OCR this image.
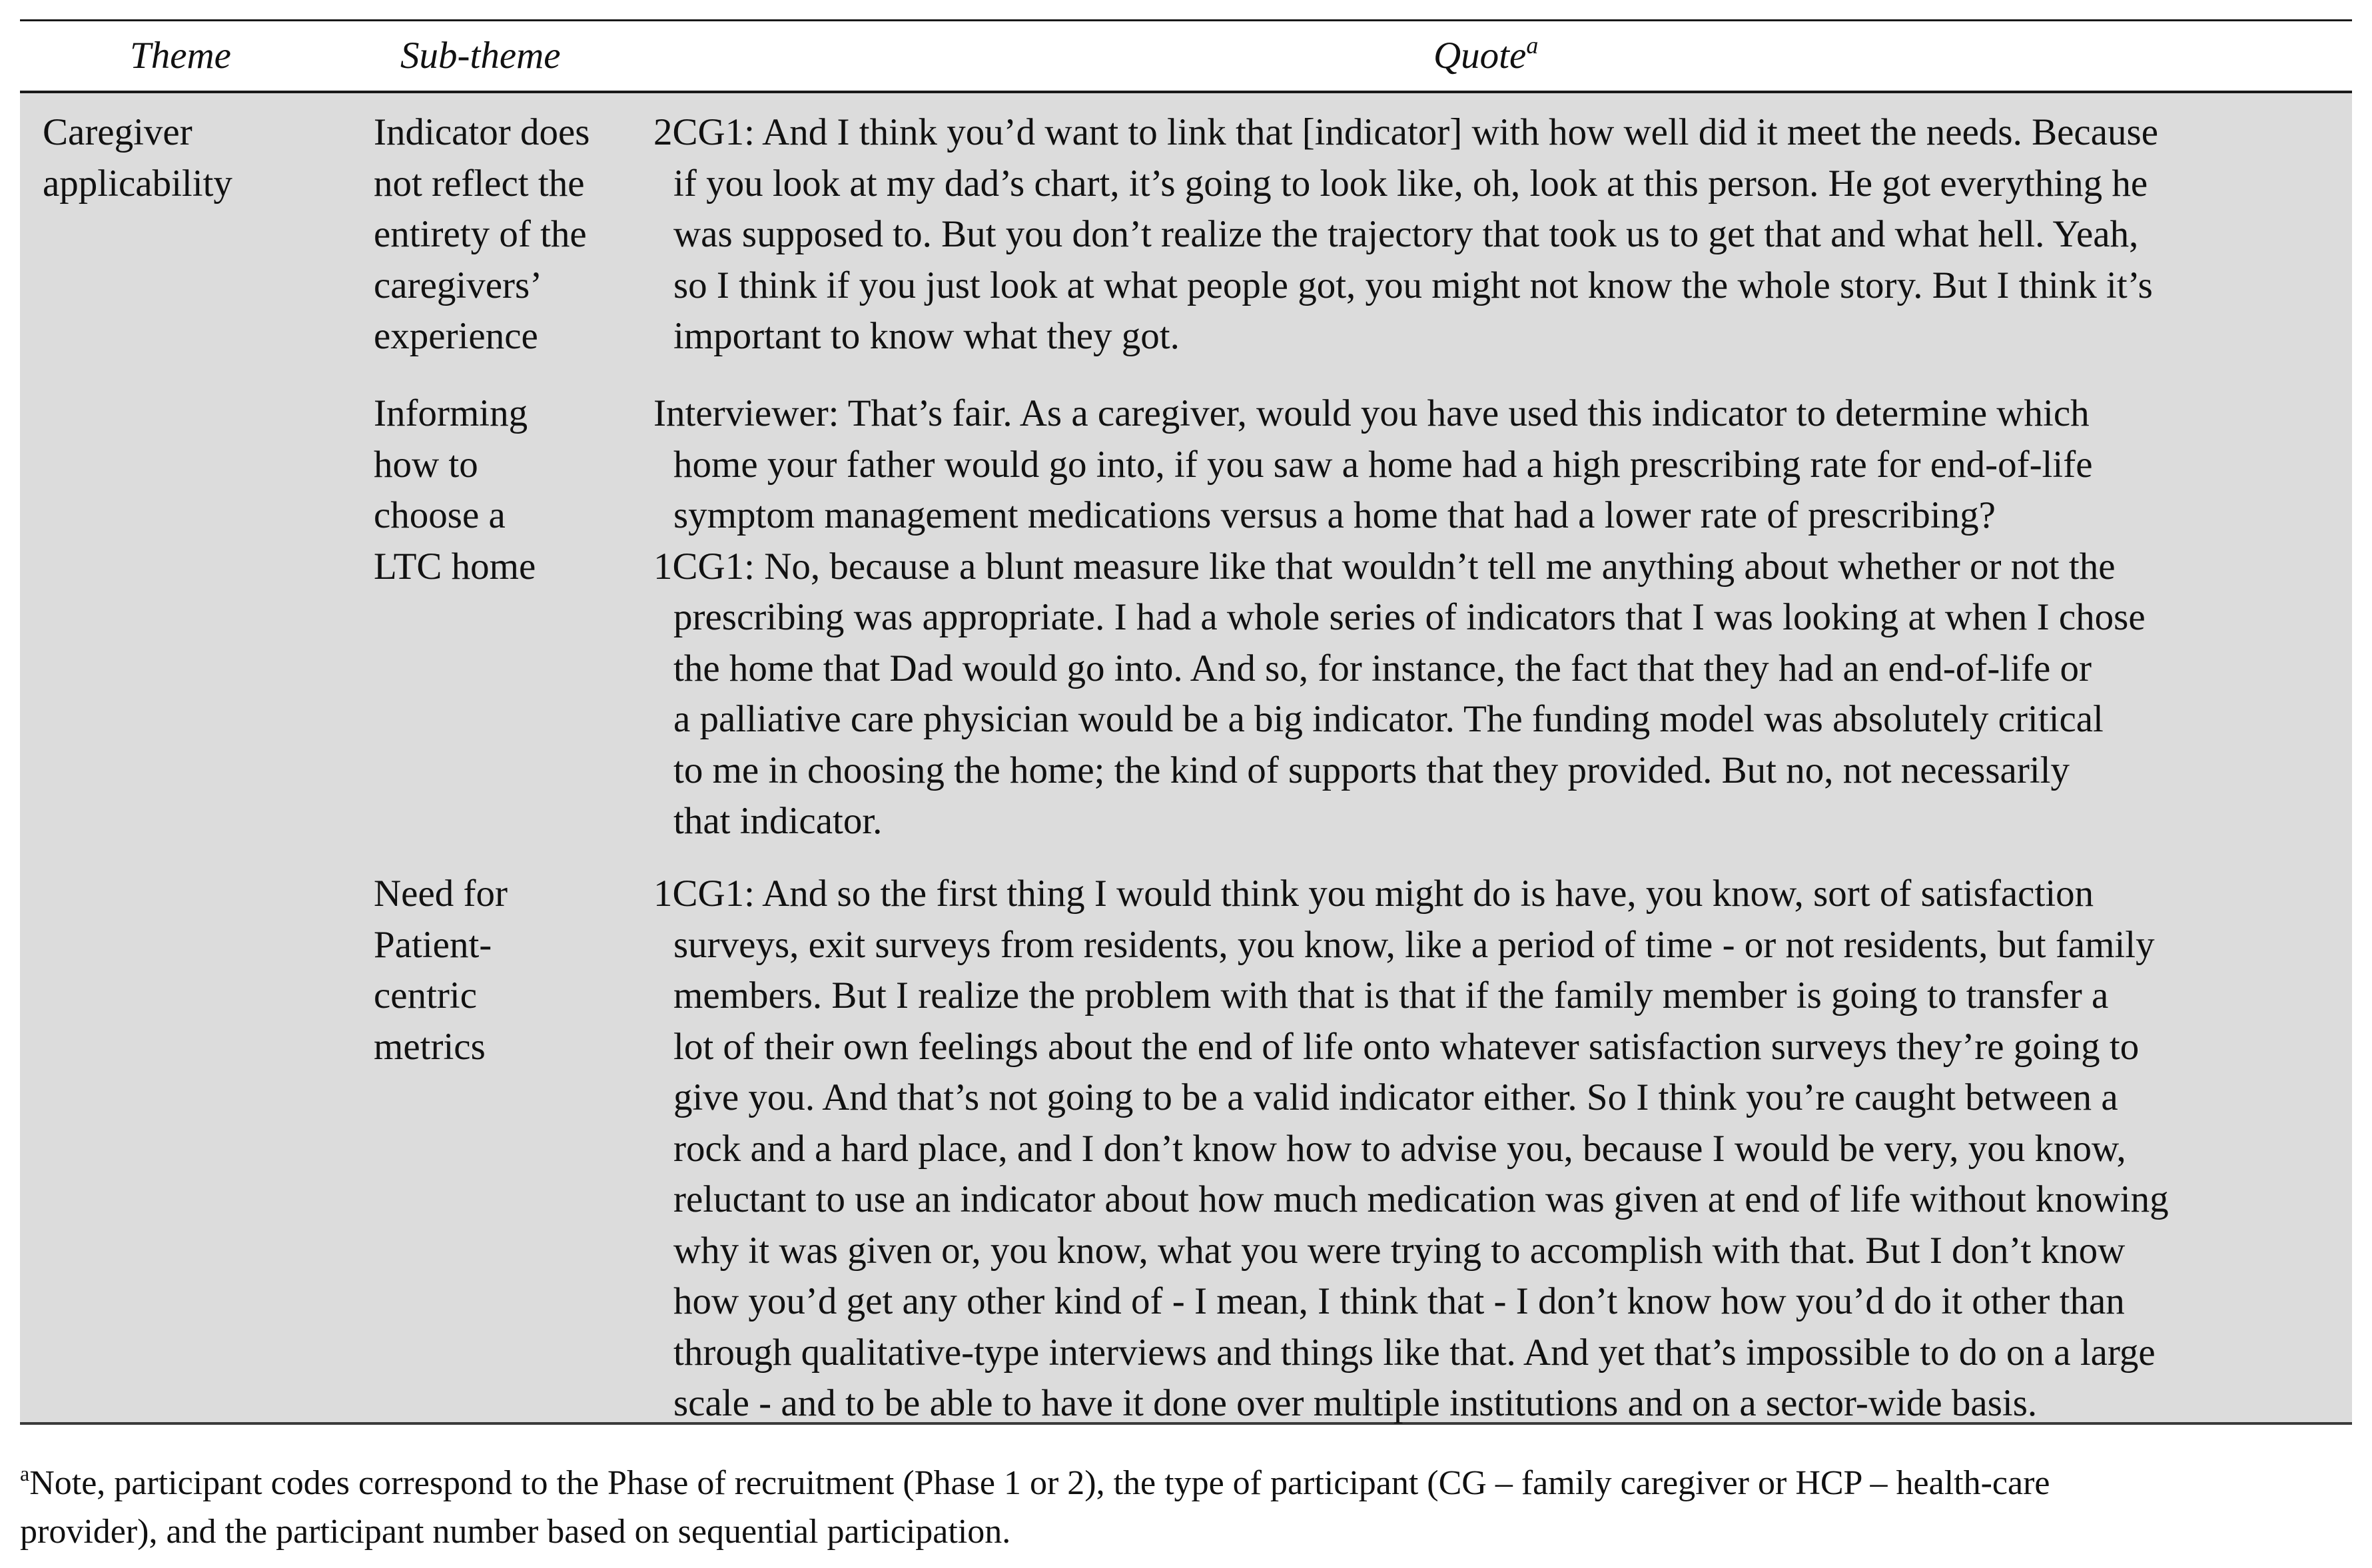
Theme	Sub-theme	Quote$^a$
Caregiver
applicability
Indicator does
not reflect the
entirety of the
caregivers’
experience
2CG1: And I think you’d want to link that [indicator] with how well did it meet the needs. Because
if you look at my dad’s chart, it’s going to look like, oh, look at this person. He got everything he
was supposed to. But you don’t realize the trajectory that took us to get that and what hell. Yeah,
so I think if you just look at what people got, you might not know the whole story. But I think it’s
important to know what they got.
Informing
how to
choose a
LTC home
Interviewer: That’s fair. As a caregiver, would you have used this indicator to determine which
home your father would go into, if you saw a home had a high prescribing rate for end-of-life
symptom management medications versus a home that had a lower rate of prescribing?
1CG1: No, because a blunt measure like that wouldn’t tell me anything about whether or not the
prescribing was appropriate. I had a whole series of indicators that I was looking at when I chose
the home that Dad would go into. And so, for instance, the fact that they had an end-of-life or
a palliative care physician would be a big indicator. The funding model was absolutely critical
to me in choosing the home; the kind of supports that they provided. But no, not necessarily
that indicator.
Need for
Patient-
centric
metrics
1CG1: And so the first thing I would think you might do is have, you know, sort of satisfaction
surveys, exit surveys from residents, you know, like a period of time - or not residents, but family
members. But I realize the problem with that is that if the family member is going to transfer a
lot of their own feelings about the end of life onto whatever satisfaction surveys they’re going to
give you. And that’s not going to be a valid indicator either. So I think you’re caught between a
rock and a hard place, and I don’t know how to advise you, because I would be very, you know,
reluctant to use an indicator about how much medication was given at end of life without knowing
why it was given or, you know, what you were trying to accomplish with that. But I don’t know
how you’d get any other kind of - I mean, I think that - I don’t know how you’d do it other than
through qualitative-type interviews and things like that. And yet that’s impossible to do on a large
scale - and to be able to have it done over multiple institutions and on a sector-wide basis.
$^a$Note, participant codes correspond to the Phase of recruitment (Phase 1 or 2), the type of participant (CG – family caregiver or HCP – health-care
provider), and the participant number based on sequential participation.
